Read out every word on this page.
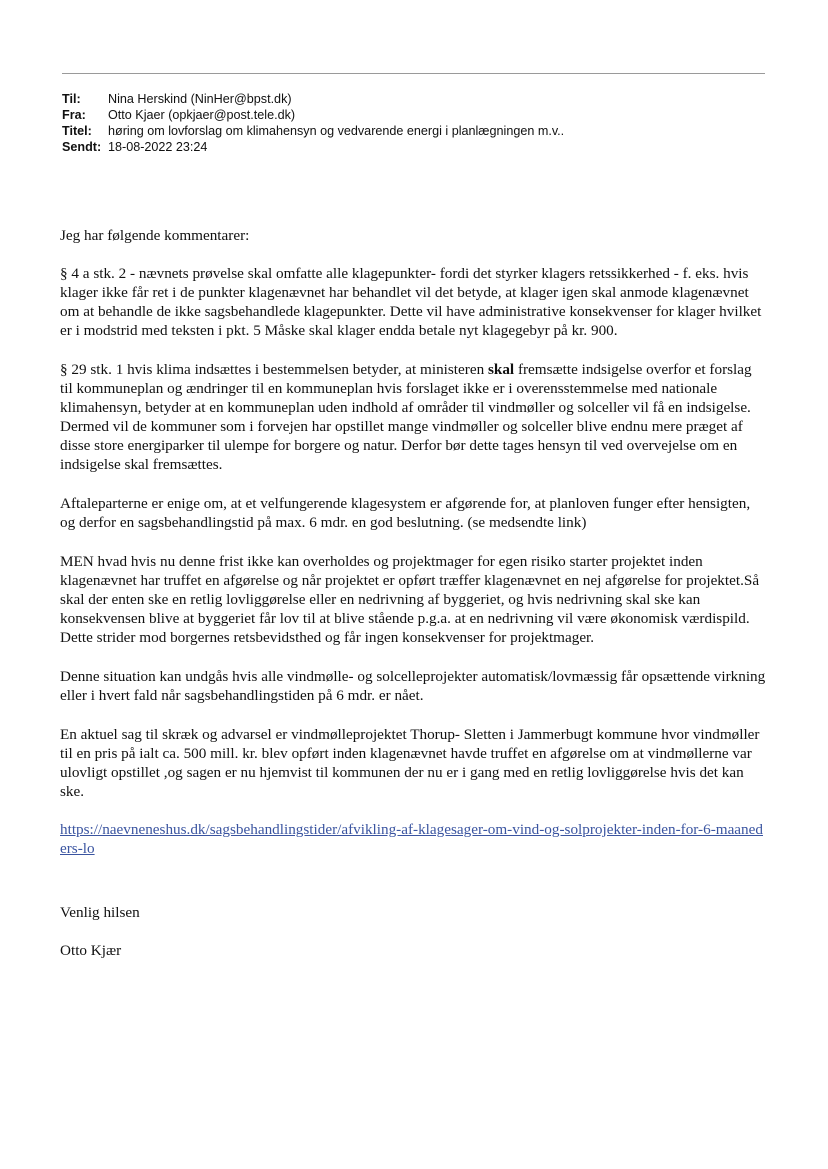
Til:	Nina Herskind (NinHer@bpst.dk)
Fra:	Otto Kjaer (opkjaer@post.tele.dk)
Titel:	høring om lovforslag om klimahensyn og vedvarende energi i planlægningen m.v..
Sendt: 18-08-2022 23:24

Jeg har følgende kommentarer:

§ 4 a stk. 2 - nævnets prøvelse skal omfatte alle klagepunkter- fordi det styrker klagers retssikkerhed - f. eks. hvis klager ikke får ret i de punkter klagenævnet har behandlet vil det betyde, at klager igen skal anmode klagenævnet om at behandle de ikke sagsbehandlede klagepunkter. Dette vil have administrative konsekvenser for klager hvilket er i modstrid med teksten i pkt. 5 Måske skal klager endda betale nyt klagegebyr på kr. 900.

§ 29 stk. 1 hvis klima indsættes i bestemmelsen betyder, at ministeren skal fremsætte indsigelse overfor et forslag til kommuneplan og ændringer til en kommuneplan hvis forslaget ikke er i overensstemmelse med nationale klimahensyn, betyder at en kommuneplan uden indhold af områder til vindmøller og solceller vil få en indsigelse. Dermed vil de kommuner som i forvejen har opstillet mange vindmøller og solceller blive endnu mere præget af disse store energiparker til ulempe for borgere og natur. Derfor bør dette tages hensyn til ved overvejelse om en indsigelse skal fremsættes.

Aftaleparterne er enige om, at et velfungerende klagesystem er afgørende for, at planloven funger efter hensigten, og derfor en sagsbehandlingstid på max. 6 mdr. en god beslutning. (se medsendte link)

MEN hvad hvis nu denne frist ikke kan overholdes og projektmager for egen risiko starter projektet inden klagenævnet har truffet en afgørelse og når projektet er opført træffer klagenævnet en nej afgørelse for projektet.Så skal der enten ske en retlig lovliggørelse eller en nedrivning af byggeriet, og hvis nedrivning skal ske kan konsekvensen blive at byggeriet får lov til at blive stående p.g.a. at en nedrivning vil være økonomisk værdispild. Dette strider mod borgernes retsbevidsthed og får ingen konsekvenser for projektmager.

Denne situation kan undgås hvis alle vindmølle- og solcelleprojekter automatisk/lovmæssig får opsættende virkning eller i hvert fald når sagsbehandlingstiden på 6 mdr. er nået.

En aktuel sag til skræk og advarsel er vindmølleprojektet Thorup- Sletten i Jammerbugt kommune hvor vindmøller til en pris på ialt ca. 500 mill. kr. blev opført inden klagenævnet havde truffet en afgørelse om at vindmøllerne var ulovligt opstillet ,og sagen er nu hjemvist til kommunen der nu er i gang med en retlig lovliggørelse hvis det kan ske.

https://naevneneshus.dk/sagsbehandlingstider/afvikling-af-klagesager-om-vind-og-solprojekter-inden-for-6-maaneders-lo

Venlig hilsen

Otto Kjær
